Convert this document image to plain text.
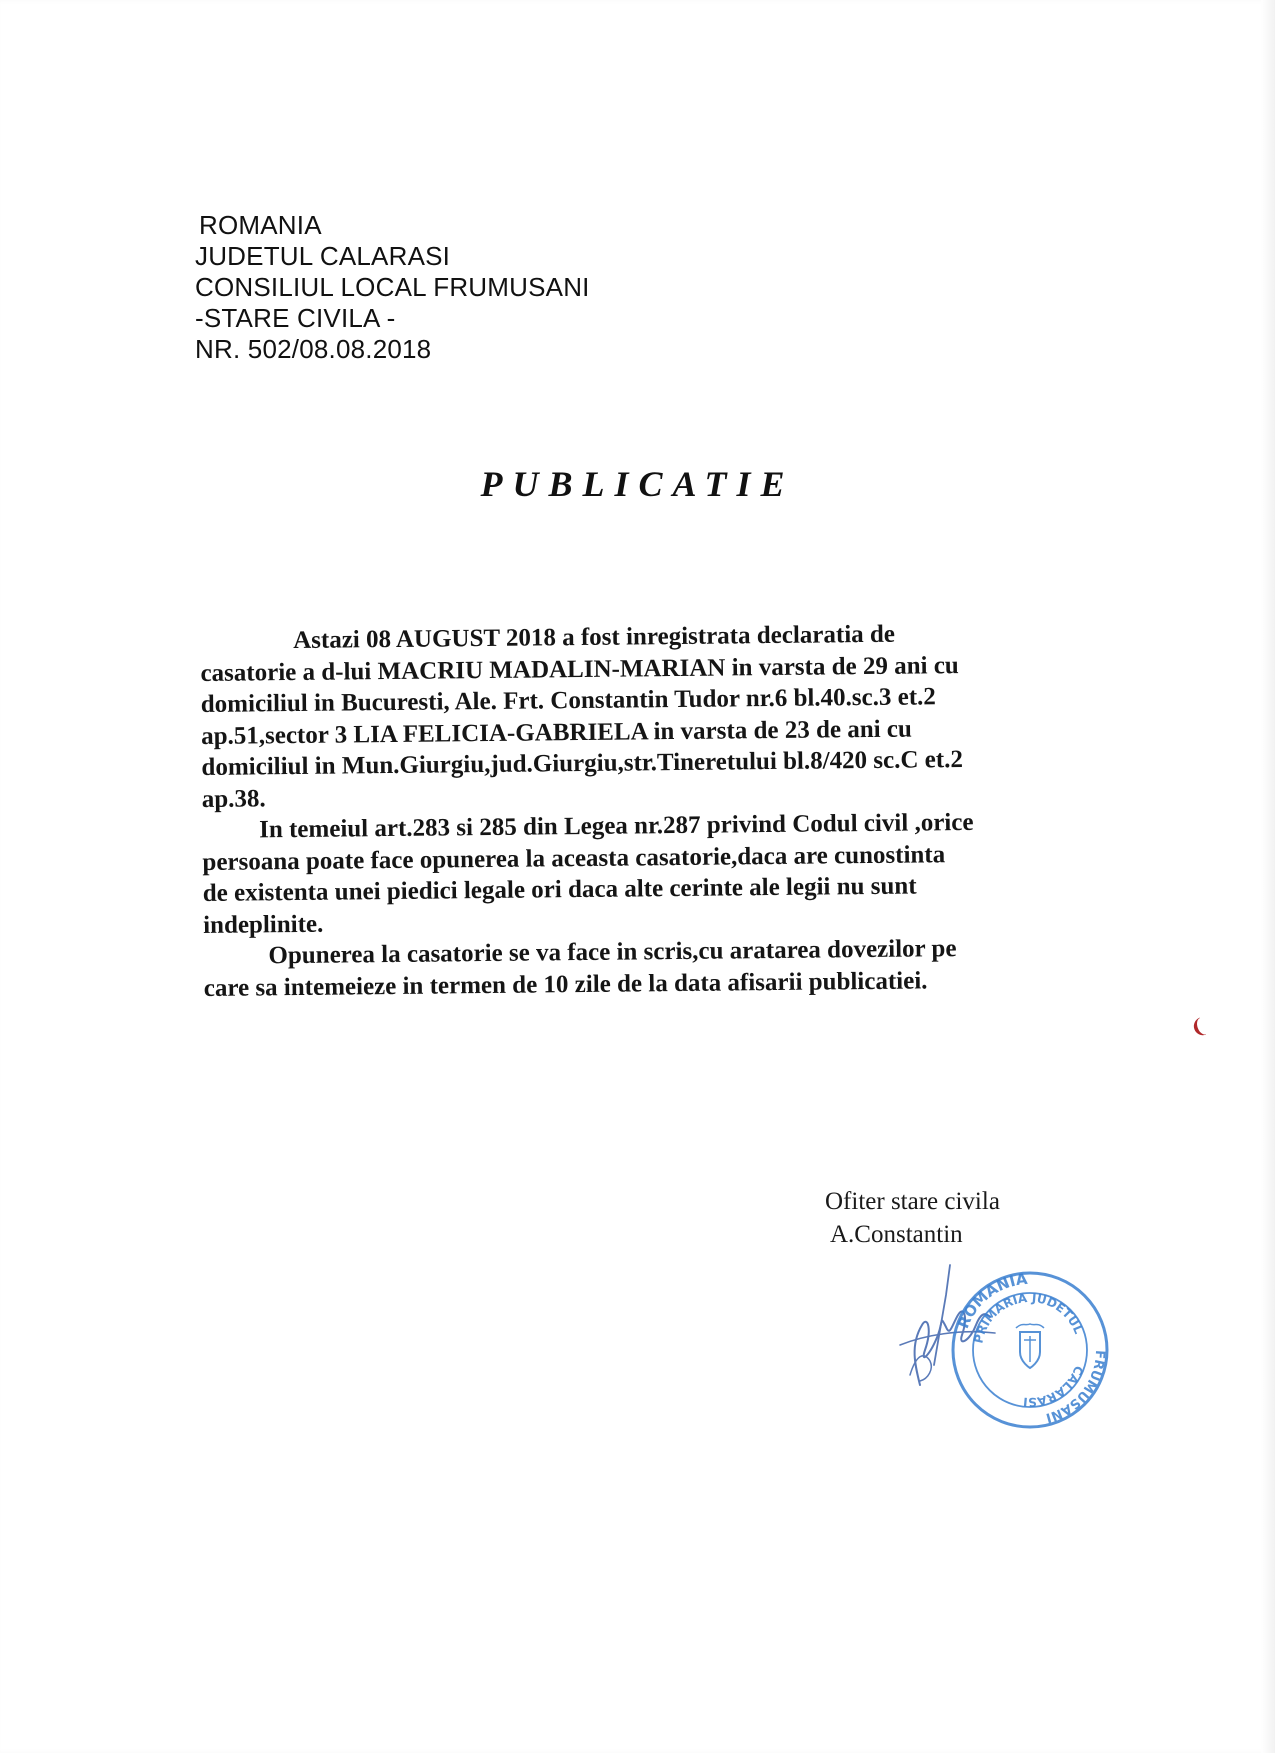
ROMANIA
JUDETUL CALARASI
CONSILIUL LOCAL FRUMUSANI
-STARE CIVILA -
NR. 502/08.08.2018
PUBLICATIE
Astazi 08 AUGUST 2018 a fost inregistrata declaratia de
casatorie a d-lui MACRIU MADALIN-MARIAN in varsta de 29 ani cu
domiciliul in Bucuresti, Ale. Frt. Constantin Tudor nr.6 bl.40.sc.3 et.2
ap.51,sector 3 LIA FELICIA-GABRIELA in varsta de 23 de ani cu
domiciliul in Mun.Giurgiu,jud.Giurgiu,str.Tineretului bl.8/420 sc.C et.2
ap.38.
In temeiul art.283 si 285 din Legea nr.287 privind Codul civil ,orice
persoana poate face opunerea la aceasta casatorie,daca are cunostinta
de existenta unei piedici legale ori daca alte cerinte ale legii nu sunt
indeplinite.
Opunerea la casatorie se va face in scris,cu aratarea dovezilor pe
care sa intemeieze in termen de 10 zile de la data afisarii publicatiei.
❨
Ofiter stare civila
A.Constantin
ROMANIA
FRUMUSANI
PRIMARIA JUDETUL
CALARASI
